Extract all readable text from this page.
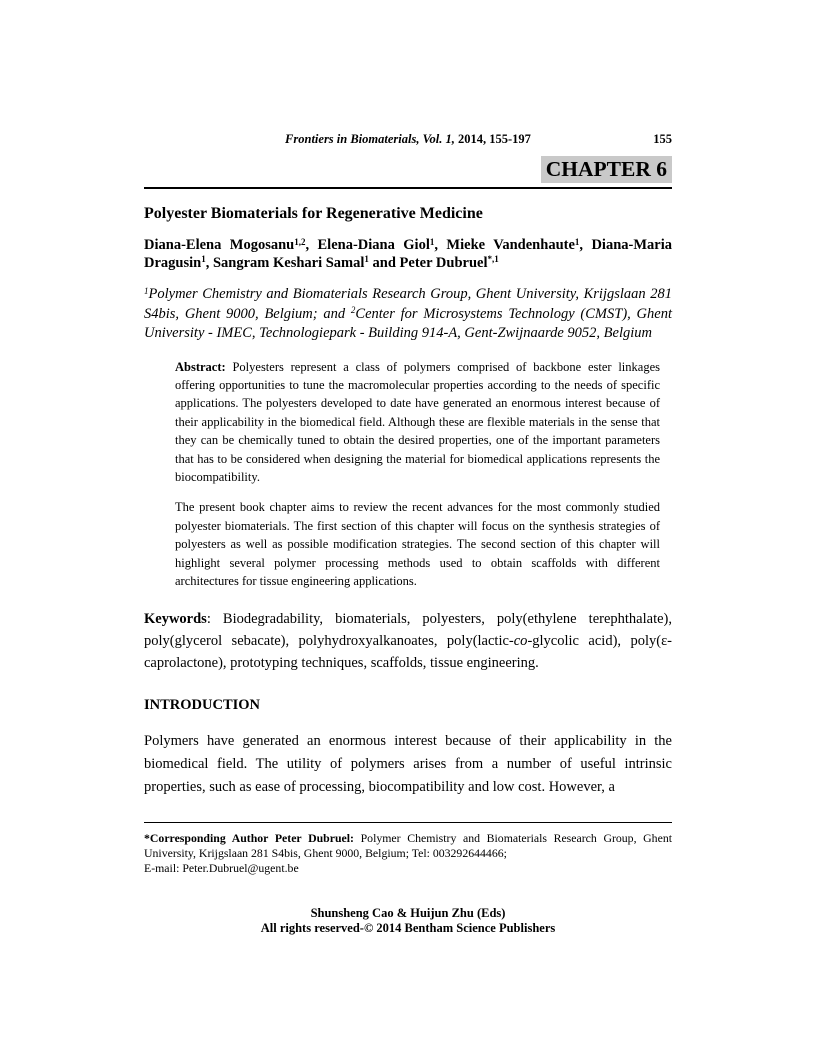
Frontiers in Biomaterials, Vol. 1, 2014, 155-197	155
CHAPTER 6
Polyester Biomaterials for Regenerative Medicine

Diana-Elena Mogosanu$^{1,2}$, Elena-Diana Giol$^1$, Mieke Vandenhaute$^1$, Diana-Maria Dragusin$^1$, Sangram Keshari Samal$^1$ and Peter Dubruel$^{*,1}$

$^1$Polymer Chemistry and Biomaterials Research Group, Ghent University, Krijgslaan 281 S4bis, Ghent 9000, Belgium; and $^2$Center for Microsystems Technology (CMST), Ghent University - IMEC, Technologiepark - Building 914-A, Gent-Zwijnaarde 9052, Belgium

Abstract: Polyesters represent a class of polymers comprised of backbone ester linkages offering opportunities to tune the macromolecular properties according to the needs of specific applications. The polyesters developed to date have generated an enormous interest because of their applicability in the biomedical field. Although these are flexible materials in the sense that they can be chemically tuned to obtain the desired properties, one of the important parameters that has to be considered when designing the material for biomedical applications represents the biocompatibility.

The present book chapter aims to review the recent advances for the most commonly studied polyester biomaterials. The first section of this chapter will focus on the synthesis strategies of polyesters as well as possible modification strategies. The second section of this chapter will highlight several polymer processing methods used to obtain scaffolds with different architectures for tissue engineering applications.

Keywords: Biodegradability, biomaterials, polyesters, poly(ethylene terephthalate), poly(glycerol sebacate), polyhydroxyalkanoates, poly(lactic-co-glycolic acid), poly(ε-caprolactone), prototyping techniques, scaffolds, tissue engineering.

INTRODUCTION

Polymers have generated an enormous interest because of their applicability in the biomedical field. The utility of polymers arises from a number of useful intrinsic properties, such as ease of processing, biocompatibility and low cost. However, a

*Corresponding Author Peter Dubruel: Polymer Chemistry and Biomaterials Research Group, Ghent University, Krijgslaan 281 S4bis, Ghent 9000, Belgium; Tel: 003292644466;

E-mail: Peter.Dubruel@ugent.be

Shunsheng Cao & Huijun Zhu (Eds)
All rights reserved-© 2014 Bentham Science Publishers
